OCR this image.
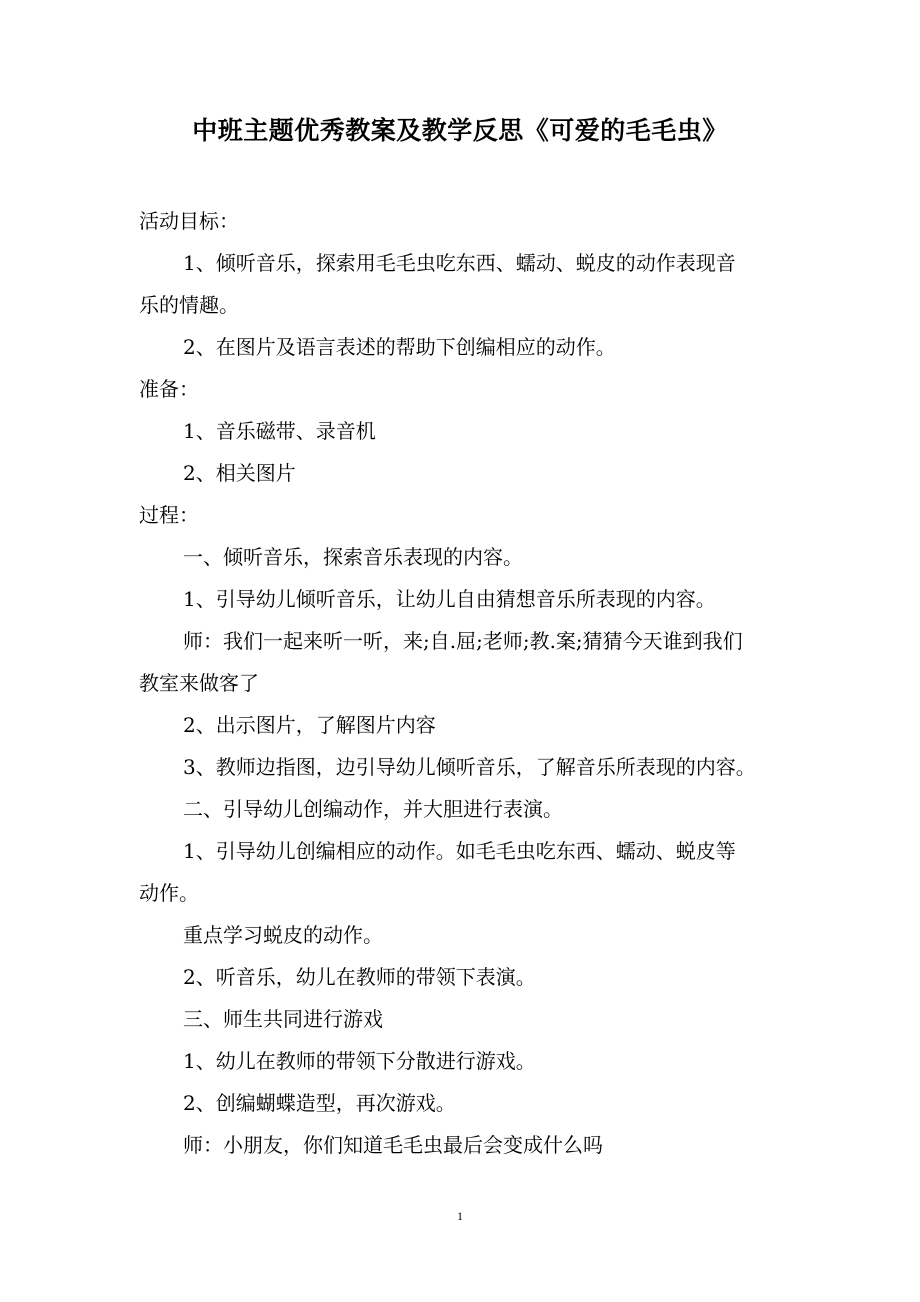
中班主题优秀教案及教学反思《可爱的毛毛虫》
活动目标：
1、倾听音乐，探索用毛毛虫吃东西、蠕动、蜕皮的动作表现音
乐的情趣。
2、在图片及语言表述的帮助下创编相应的动作。
准备：
1、音乐磁带、录音机
2、相关图片
过程：
一、倾听音乐，探索音乐表现的内容。
1、引导幼儿倾听音乐，让幼儿自由猜想音乐所表现的内容。
师：我们一起来听一听，来;自.屈;老师;教.案;猜猜今天谁到我们
教室来做客了
2、出示图片，了解图片内容
3、教师边指图，边引导幼儿倾听音乐，了解音乐所表现的内容。
二、引导幼儿创编动作，并大胆进行表演。
1、引导幼儿创编相应的动作。如毛毛虫吃东西、蠕动、蜕皮等
动作。
重点学习蜕皮的动作。
2、听音乐，幼儿在教师的带领下表演。
三、师生共同进行游戏
1、幼儿在教师的带领下分散进行游戏。
2、创编蝴蝶造型，再次游戏。
师：小朋友，你们知道毛毛虫最后会变成什么吗
1
